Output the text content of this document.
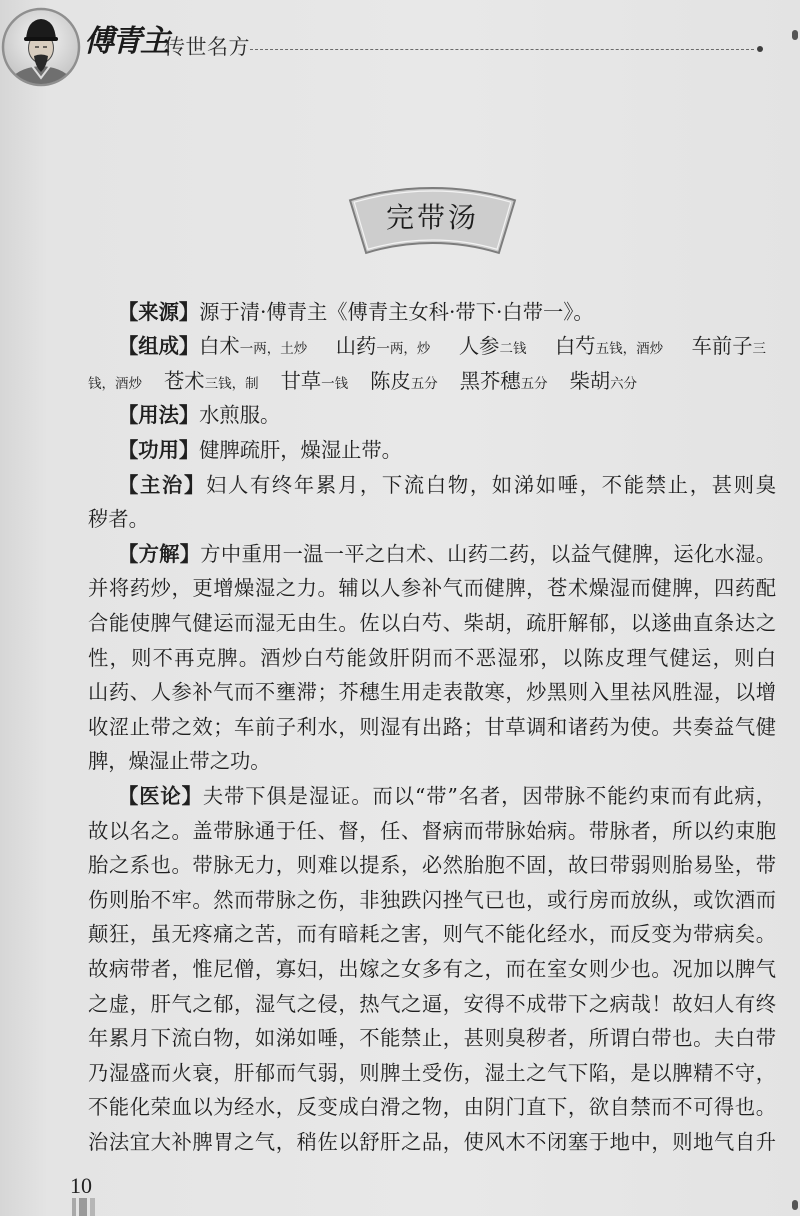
傅青主
传世名方
完带汤
【来源】源于清·傅青主《傅青主女科·带下·白带一》。
【组成】白术一两，土炒 山药一两，炒 人参二钱 白芍五钱，酒炒 车前子三
钱，酒炒 苍术三钱，制 甘草一钱 陈皮五分 黑芥穗五分 柴胡六分
【用法】水煎服。
【功用】健脾疏肝，燥湿止带。
【主治】妇人有终年累月，下流白物，如涕如唾，不能禁止，甚则臭
秽者。
【方解】方中重用一温一平之白术、山药二药，以益气健脾，运化水湿。
并将药炒，更增燥湿之力。辅以人参补气而健脾，苍术燥湿而健脾，四药配
合能使脾气健运而湿无由生。佐以白芍、柴胡，疏肝解郁，以遂曲直条达之
性，则不再克脾。酒炒白芍能敛肝阴而不恶湿邪，以陈皮理气健运，则白
山药、人参补气而不壅滞；芥穗生用走表散寒，炒黑则入里祛风胜湿，以增
收涩止带之效；车前子利水，则湿有出路；甘草调和诸药为使。共奏益气健
脾，燥湿止带之功。
【医论】夫带下俱是湿证。而以“带”名者，因带脉不能约束而有此病，
故以名之。盖带脉通于任、督，任、督病而带脉始病。带脉者，所以约束胞
胎之系也。带脉无力，则难以提系，必然胎胞不固，故曰带弱则胎易坠，带
伤则胎不牢。然而带脉之伤，非独跌闪挫气已也，或行房而放纵，或饮酒而
颠狂，虽无疼痛之苦，而有暗耗之害，则气不能化经水，而反变为带病矣。
故病带者，惟尼僧，寡妇，出嫁之女多有之，而在室女则少也。况加以脾气
之虚，肝气之郁，湿气之侵，热气之逼，安得不成带下之病哉！故妇人有终
年累月下流白物，如涕如唾，不能禁止，甚则臭秽者，所谓白带也。夫白带
乃湿盛而火衰，肝郁而气弱，则脾土受伤，湿土之气下陷，是以脾精不守，
不能化荣血以为经水，反变成白滑之物，由阴门直下，欲自禁而不可得也。
治法宜大补脾胃之气，稍佐以舒肝之品，使风木不闭塞于地中，则地气自升
10
